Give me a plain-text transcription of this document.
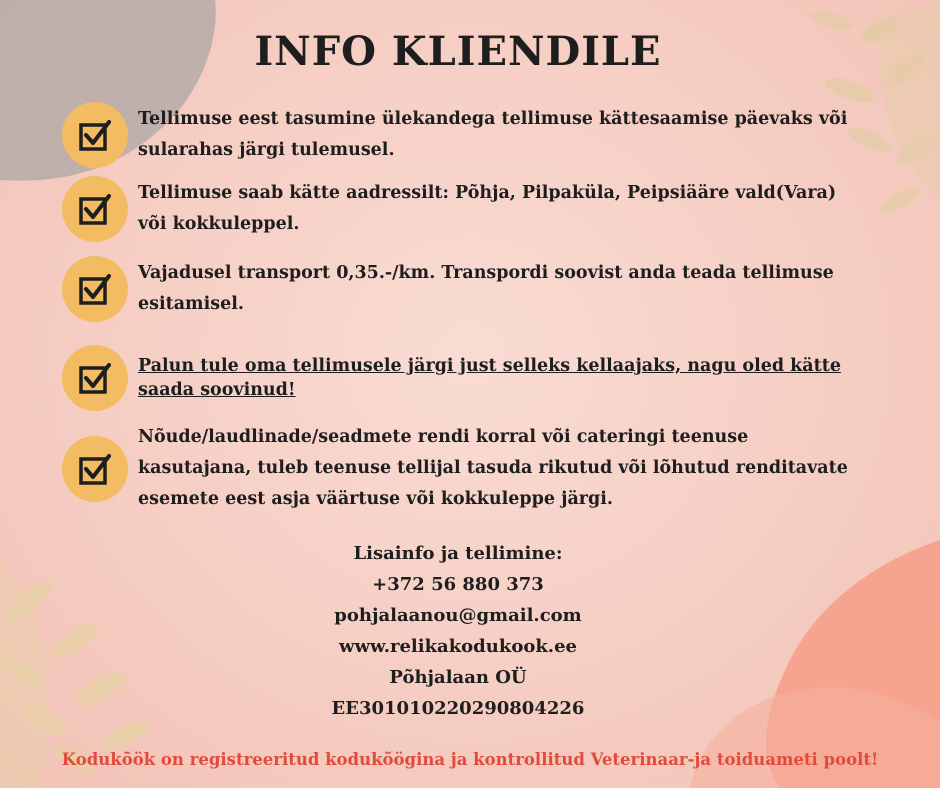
INFO KLIENDILE
Tellimuse eest tasumine ülekandega tellimuse kättesaamise päevaks või sularahas järgi tulemusel.
Tellimuse saab kätte aadressilt: Põhja, Pilpaküla, Peipsiääre vald(Vara) või kokkuleppel.
Vajadusel transport 0,35.-/km. Transpordi soovist anda teada tellimuse esitamisel.
Palun tule oma tellimusele järgi just selleks kellaajaks, nagu oled kätte saada soovinud!
Nõude/laudlinade/seadmete rendi korral või cateringi teenuse kasutajana, tuleb teenuse tellijal tasuda rikutud või lõhutud renditavate esemete eest asja väärtuse või kokkuleppe järgi.
Lisainfo ja tellimine:
+372 56 880 373
pohjalaanou@gmail.com
www.relikakodukook.ee
Põhjalaan OÜ
EE301010220290804226
Kodukõök on registreeritud kodukõögina ja kontrollitud Veterinaar-ja toiduameti poolt!
